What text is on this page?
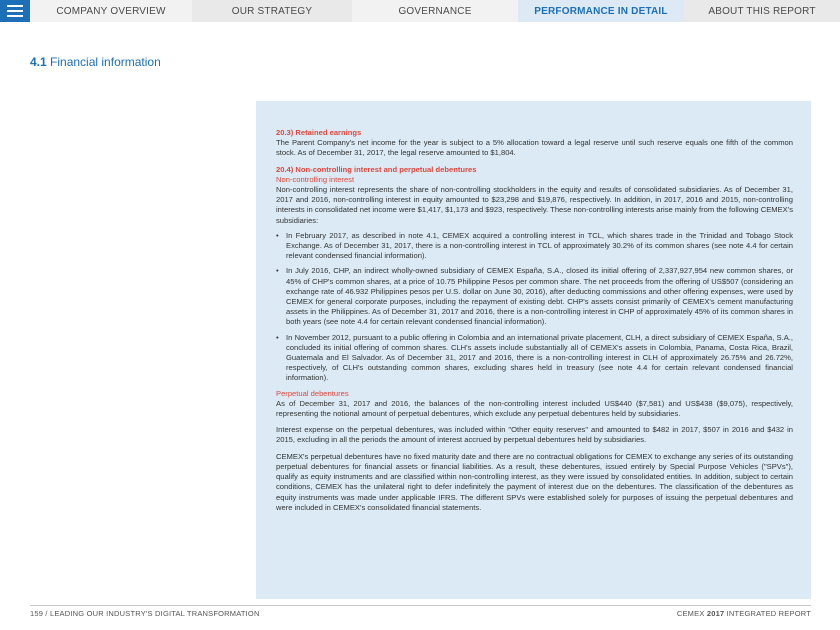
COMPANY OVERVIEW	OUR STRATEGY	GOVERNANCE	PERFORMANCE IN DETAIL	ABOUT THIS REPORT
4.1 Financial information
20.3) Retained earnings

The Parent Company's net income for the year is subject to a 5% allocation toward a legal reserve until such reserve equals one fifth of the common stock. As of December 31, 2017, the legal reserve amounted to $1,804.

20.4) Non-controlling interest and perpetual debentures
Non-controlling interest

Non-controlling interest represents the share of non-controlling stockholders in the equity and results of consolidated subsidiaries. As of December 31, 2017 and 2016, non-controlling interest in equity amounted to $23,298 and $19,876, respectively. In addition, in 2017, 2016 and 2015, non-controlling interests in consolidated net income were $1,417, $1,173 and $923, respectively. These non-controlling interests arise mainly from the following CEMEX's subsidiaries:

• In February 2017, as described in note 4.1, CEMEX acquired a controlling interest in TCL, which shares trade in the Trinidad and Tobago Stock Exchange. As of December 31, 2017, there is a non-controlling interest in TCL of approximately 30.2% of its common shares (see note 4.4 for certain relevant condensed financial information).
• In July 2016, CHP, an indirect wholly-owned subsidiary of CEMEX España, S.A., closed its initial offering of 2,337,927,954 new common shares, or 45% of CHP's common shares, at a price of 10.75 Philippine Pesos per common share. The net proceeds from the offering of US$507 (considering an exchange rate of 46.932 Philippines pesos per U.S. dollar on June 30, 2016), after deducting commissions and other offering expenses, were used by CEMEX for general corporate purposes, including the repayment of existing debt. CHP's assets consist primarily of CEMEX's cement manufacturing assets in the Philippines. As of December 31, 2017 and 2016, there is a non-controlling interest in CHP of approximately 45% of its common shares in both years (see note 4.4 for certain relevant condensed financial information).
• In November 2012, pursuant to a public offering in Colombia and an international private placement, CLH, a direct subsidiary of CEMEX España, S.A., concluded its initial offering of common shares. CLH's assets include substantially all of CEMEX's assets in Colombia, Panama, Costa Rica, Brazil, Guatemala and El Salvador. As of December 31, 2017 and 2016, there is a non-controlling interest in CLH of approximately 26.75% and 26.72%, respectively, of CLH's outstanding common shares, excluding shares held in treasury (see note 4.4 for certain relevant condensed financial information).
Perpetual debentures

As of December 31, 2017 and 2016, the balances of the non-controlling interest included US$440 ($7,581) and US$438 ($9,075), respectively, representing the notional amount of perpetual debentures, which exclude any perpetual debentures held by subsidiaries.

Interest expense on the perpetual debentures, was included within "Other equity reserves" and amounted to $482 in 2017, $507 in 2016 and $432 in 2015, excluding in all the periods the amount of interest accrued by perpetual debentures held by subsidiaries.

CEMEX's perpetual debentures have no fixed maturity date and there are no contractual obligations for CEMEX to exchange any series of its outstanding perpetual debentures for financial assets or financial liabilities. As a result, these debentures, issued entirely by Special Purpose Vehicles ("SPVs"), qualify as equity instruments and are classified within non-controlling interest, as they were issued by consolidated entities. In addition, subject to certain conditions, CEMEX has the unilateral right to defer indefinitely the payment of interest due on the debentures. The classification of the debentures as equity instruments was made under applicable IFRS. The different SPVs were established solely for purposes of issuing the perpetual debentures and were included in CEMEX's consolidated financial statements.

159 / LEADING OUR INDUSTRY'S DIGITAL TRANSFORMATION	CEMEX 2017 INTEGRATED REPORT
